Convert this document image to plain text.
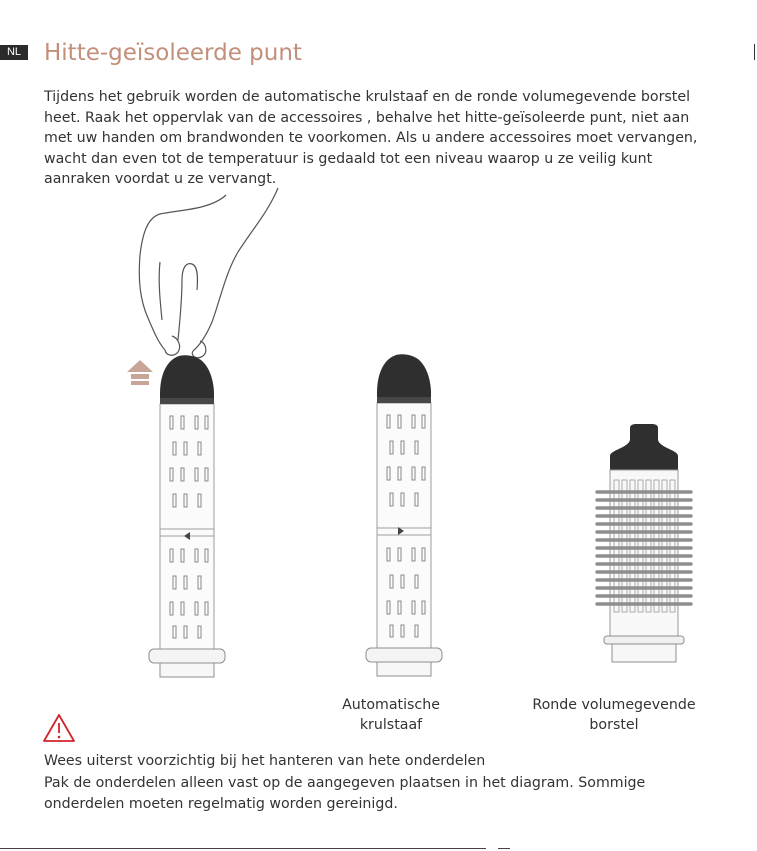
NL Hitte-geïsoleerde punt

Tijdens het gebruik worden de automatische krulstaaf en de ronde volumegevende borstel heet. Raak het oppervlak van de accessoires , behalve het hitte-geïsoleerde punt, niet aan met uw handen om brandwonden te voorkomen. Als u andere accessoires moet vervangen, wacht dan even tot de temperatuur is gedaald tot een niveau waarop u ze veilig kunt aanraken voordat u ze vervangt.

Automatische
krulstaaf
Ronde volumegevende
borstel

Wees uiterst voorzichtig bij het hanteren van hete onderdelen
Pak de onderdelen alleen vast op de aangegeven plaatsen in het diagram. Sommige
onderdelen moeten regelmatig worden gereinigd.
